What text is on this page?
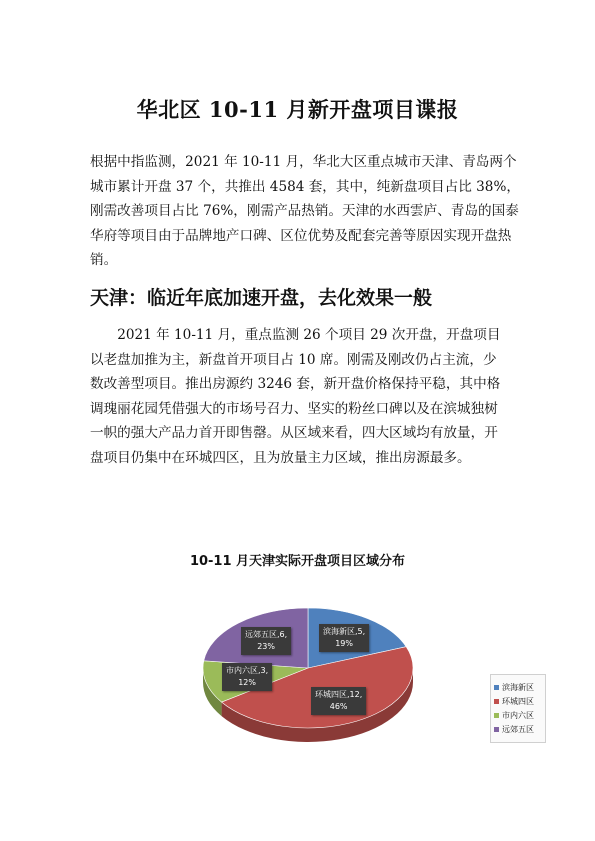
华北区 10-11 月新开盘项目谍报
根据中指监测，2021 年 10-11 月，华北大区重点城市天津、青岛两个城市累计开盘 37 个，共推出 4584 套，其中，纯新盘项目占比 38%，刚需改善项目占比 76%，刚需产品热销。天津的水西雲庐、青岛的国泰华府等项目由于品牌地产口碑、区位优势及配套完善等原因实现开盘热销。
天津：临近年底加速开盘，去化效果一般
2021 年 10-11 月，重点监测 26 个项目 29 次开盘，开盘项目以老盘加推为主，新盘首开项目占 10 席。刚需及刚改仍占主流，少数改善型项目。推出房源约 3246 套，新开盘价格保持平稳，其中格调瑰丽花园凭借强大的市场号召力、坚实的粉丝口碑以及在滨城独树一帜的强大产品力首开即售罄。从区域来看，四大区域均有放量，开盘项目仍集中在环城四区，且为放量主力区域，推出房源最多。
10-11 月天津实际开盘项目区域分布
滨海新区,5,
19%
环城四区,12,
46%
市内六区,3,
12%
远郊五区,6,
23%
滨海新区
环城四区
市内六区
远郊五区
